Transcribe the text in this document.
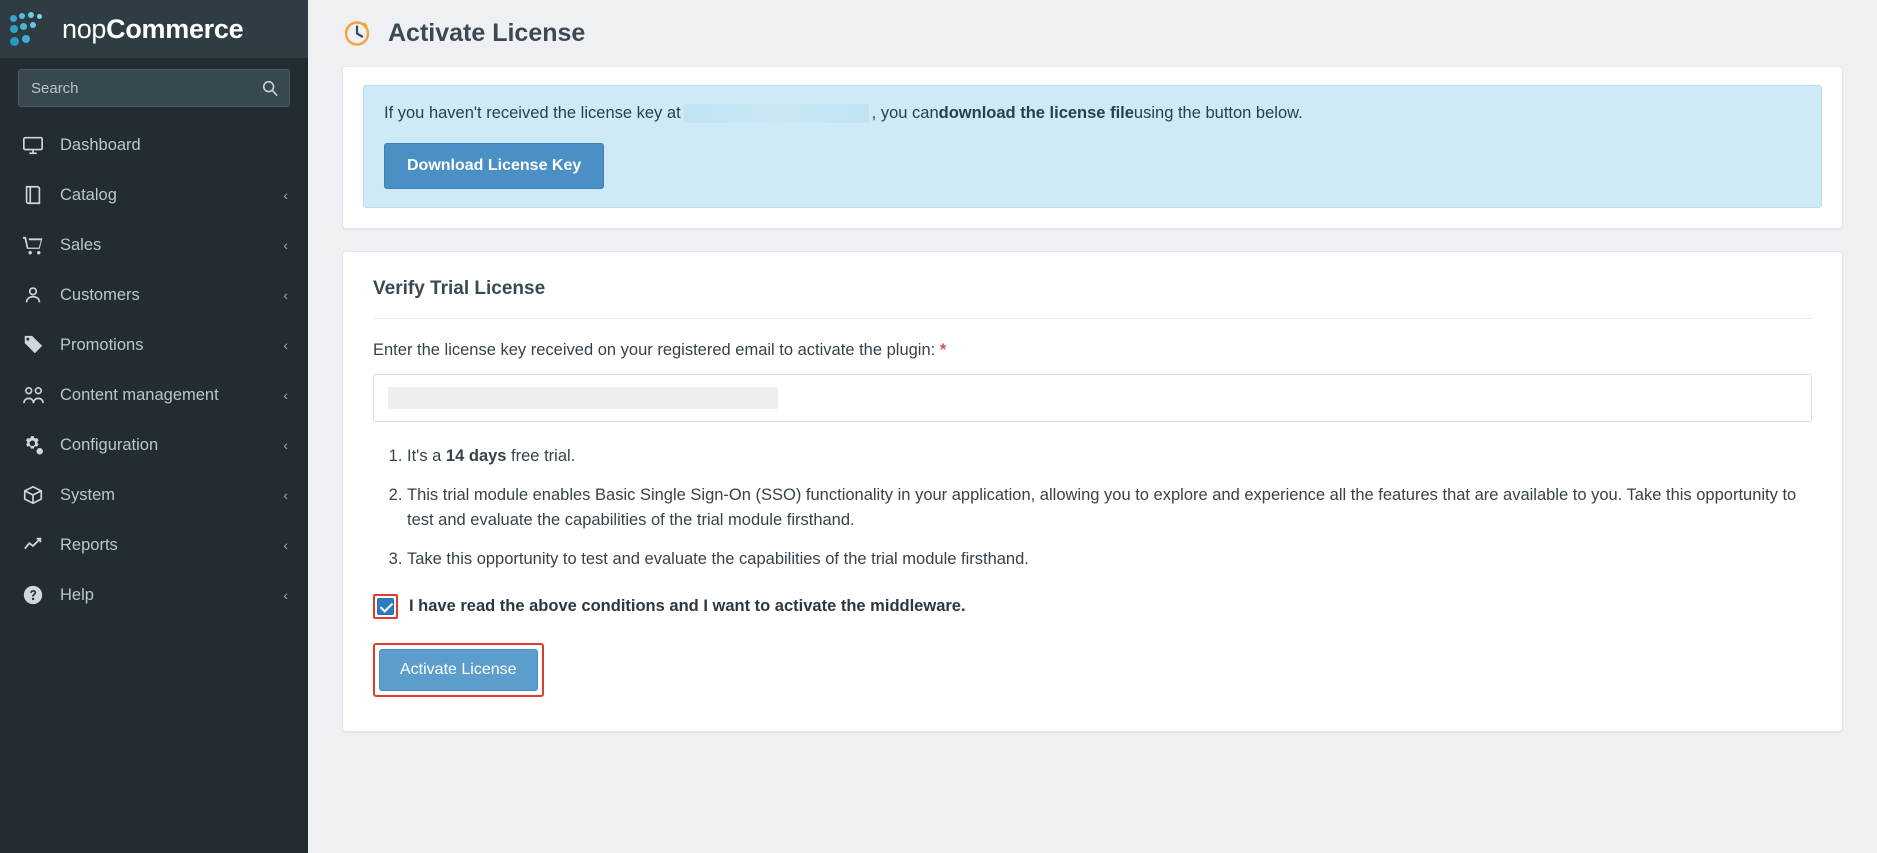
nopCommerce
Search
Dashboard
Catalog	‹
Sales	‹
Customers	‹
Promotions	‹
Content management	‹
Configuration	‹
System	‹
Reports	‹
Help	‹
Activate License
If you haven't received the license key at	, you can download the license file using the button below.
Download License Key
Verify Trial License
Enter the license key received on your registered email to activate the plugin: *
1. It's a 14 days free trial.
2. This trial module enables Basic Single Sign-On (SSO) functionality in your application, allowing you to explore and experience all the features that are available to you. Take this opportunity to test and evaluate the capabilities of the trial module firsthand.
3. Take this opportunity to test and evaluate the capabilities of the trial module firsthand.
I have read the above conditions and I want to activate the middleware.
Activate License
